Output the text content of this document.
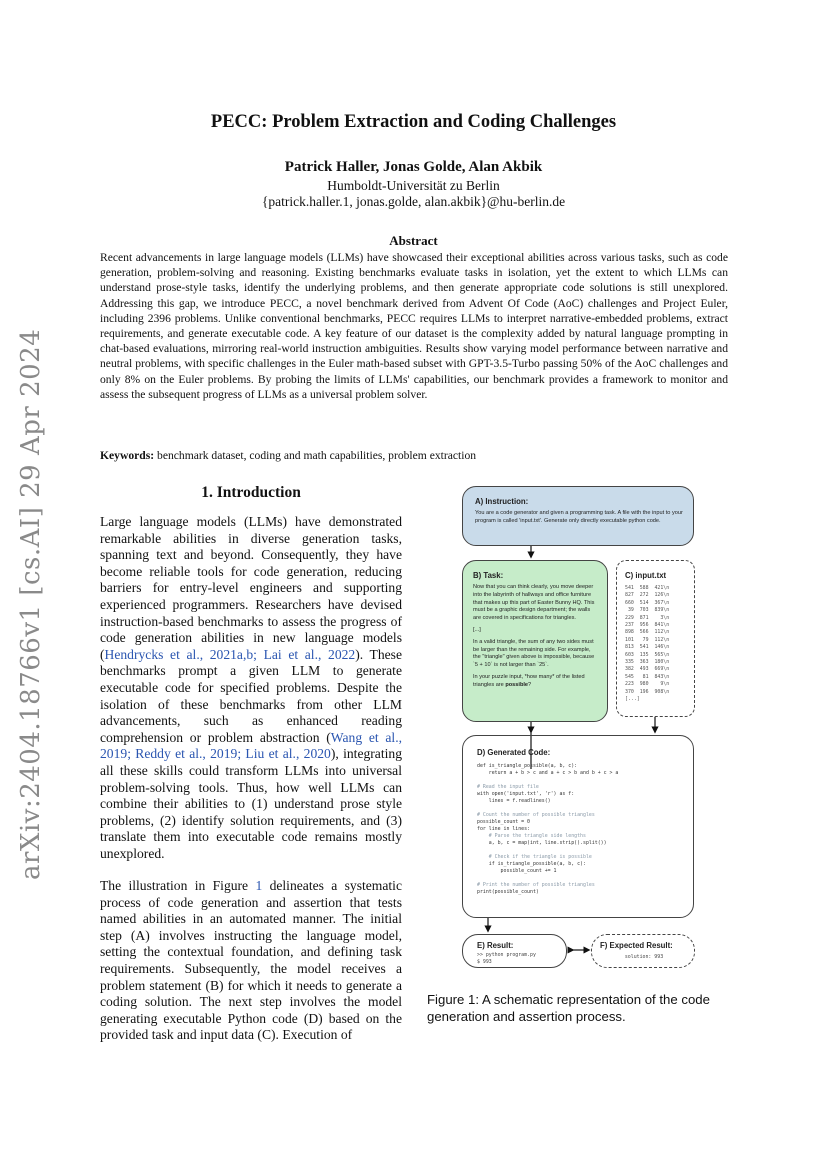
arXiv:2404.18766v1 [cs.AI] 29 Apr 2024
PECC: Problem Extraction and Coding Challenges
Patrick Haller, Jonas Golde, Alan Akbik
Humboldt-Universität zu Berlin
{patrick.haller.1, jonas.golde, alan.akbik}@hu-berlin.de
Abstract
Recent advancements in large language models (LLMs) have showcased their exceptional abilities across various tasks, such as code generation, problem-solving and reasoning. Existing benchmarks evaluate tasks in isolation, yet the extent to which LLMs can understand prose-style tasks, identify the underlying problems, and then generate appropriate code solutions is still unexplored. Addressing this gap, we introduce PECC, a novel benchmark derived from Advent Of Code (AoC) challenges and Project Euler, including 2396 problems. Unlike conventional benchmarks, PECC requires LLMs to interpret narrative-embedded problems, extract requirements, and generate executable code. A key feature of our dataset is the complexity added by natural language prompting in chat-based evaluations, mirroring real-world instruction ambiguities. Results show varying model performance between narrative and neutral problems, with specific challenges in the Euler math-based subset with GPT-3.5-Turbo passing 50% of the AoC challenges and only 8% on the Euler problems. By probing the limits of LLMs' capabilities, our benchmark provides a framework to monitor and assess the subsequent progress of LLMs as a universal problem solver.
Keywords: benchmark dataset, coding and math capabilities, problem extraction
1. Introduction
Large language models (LLMs) have demonstrated remarkable abilities in diverse generation tasks, spanning text and beyond. Consequently, they have become reliable tools for code generation, reducing barriers for entry-level engineers and supporting experienced programmers. Researchers have devised instruction-based benchmarks to assess the progress of code generation abilities in new language models (Hendrycks et al., 2021a,b; Lai et al., 2022). These benchmarks prompt a given LLM to generate executable code for specified problems. Despite the isolation of these benchmarks from other LLM advancements, such as enhanced reading comprehension or problem abstraction (Wang et al., 2019; Reddy et al., 2019; Liu et al., 2020), integrating all these skills could transform LLMs into universal problem-solving tools. Thus, how well LLMs can combine their abilities to (1) understand prose style problems, (2) identify solution requirements, and (3) translate them into executable code remains mostly unexplored.
The illustration in Figure 1 delineates a systematic process of code generation and assertion that tests named abilities in an automated manner. The initial step (A) involves instructing the language model, setting the contextual foundation, and defining task requirements. Subsequently, the model receives a problem statement (B) for which it needs to generate a coding solution. The next step involves the model generating executable Python code (D) based on the provided task and input data (C). Execution of
A) Instruction:
You are a code generator and given a programming task. A file with the input to your program is called 'input.txt'. Generate only directly executable python code.
B) Task:
Now that you can think clearly, you move deeper into the labyrinth of hallways and office furniture that makes up this part of Easter Bunny HQ. This must be a graphic design department; the walls are covered in specifications for triangles.
[...]
In a valid triangle, the sum of any two sides must be larger than the remaining side. For example, the "triangle" given above is impossible, because `5 + 10` is not larger than `25`.
In your puzzle input, *how many* of the listed triangles are possible?
C) input.txt
541  588  421\n
827  272  126\n
660  514  367\n
39  703  839\n
229  871    3\n
237  956  841\n
898  566  112\n
101   79  112\n
813  541  146\n
603  135  565\n
335  363  180\n
382  493  669\n
545   81  843\n
223  980    9\n
370  196  908\n
[...]
D) Generated Code:
def is_triangle_possible(a, b, c):
return a + b > c and a + c > b and b + c > a

# Read the input file
with open('input.txt', 'r') as f:
lines = f.readlines()

# Count the number of possible triangles
possible_count = 0
for line in lines:
# Parse the triangle side lengths
a, b, c = map(int, line.strip().split())

# Check if the triangle is possible
if is_triangle_possible(a, b, c):
possible_count += 1

# Print the number of possible triangles
print(possible_count)
E) Result:
>> python program.py
$ 993
F) Expected Result:
solution: 993
Figure 1: A schematic representation of the code generation and assertion process.
